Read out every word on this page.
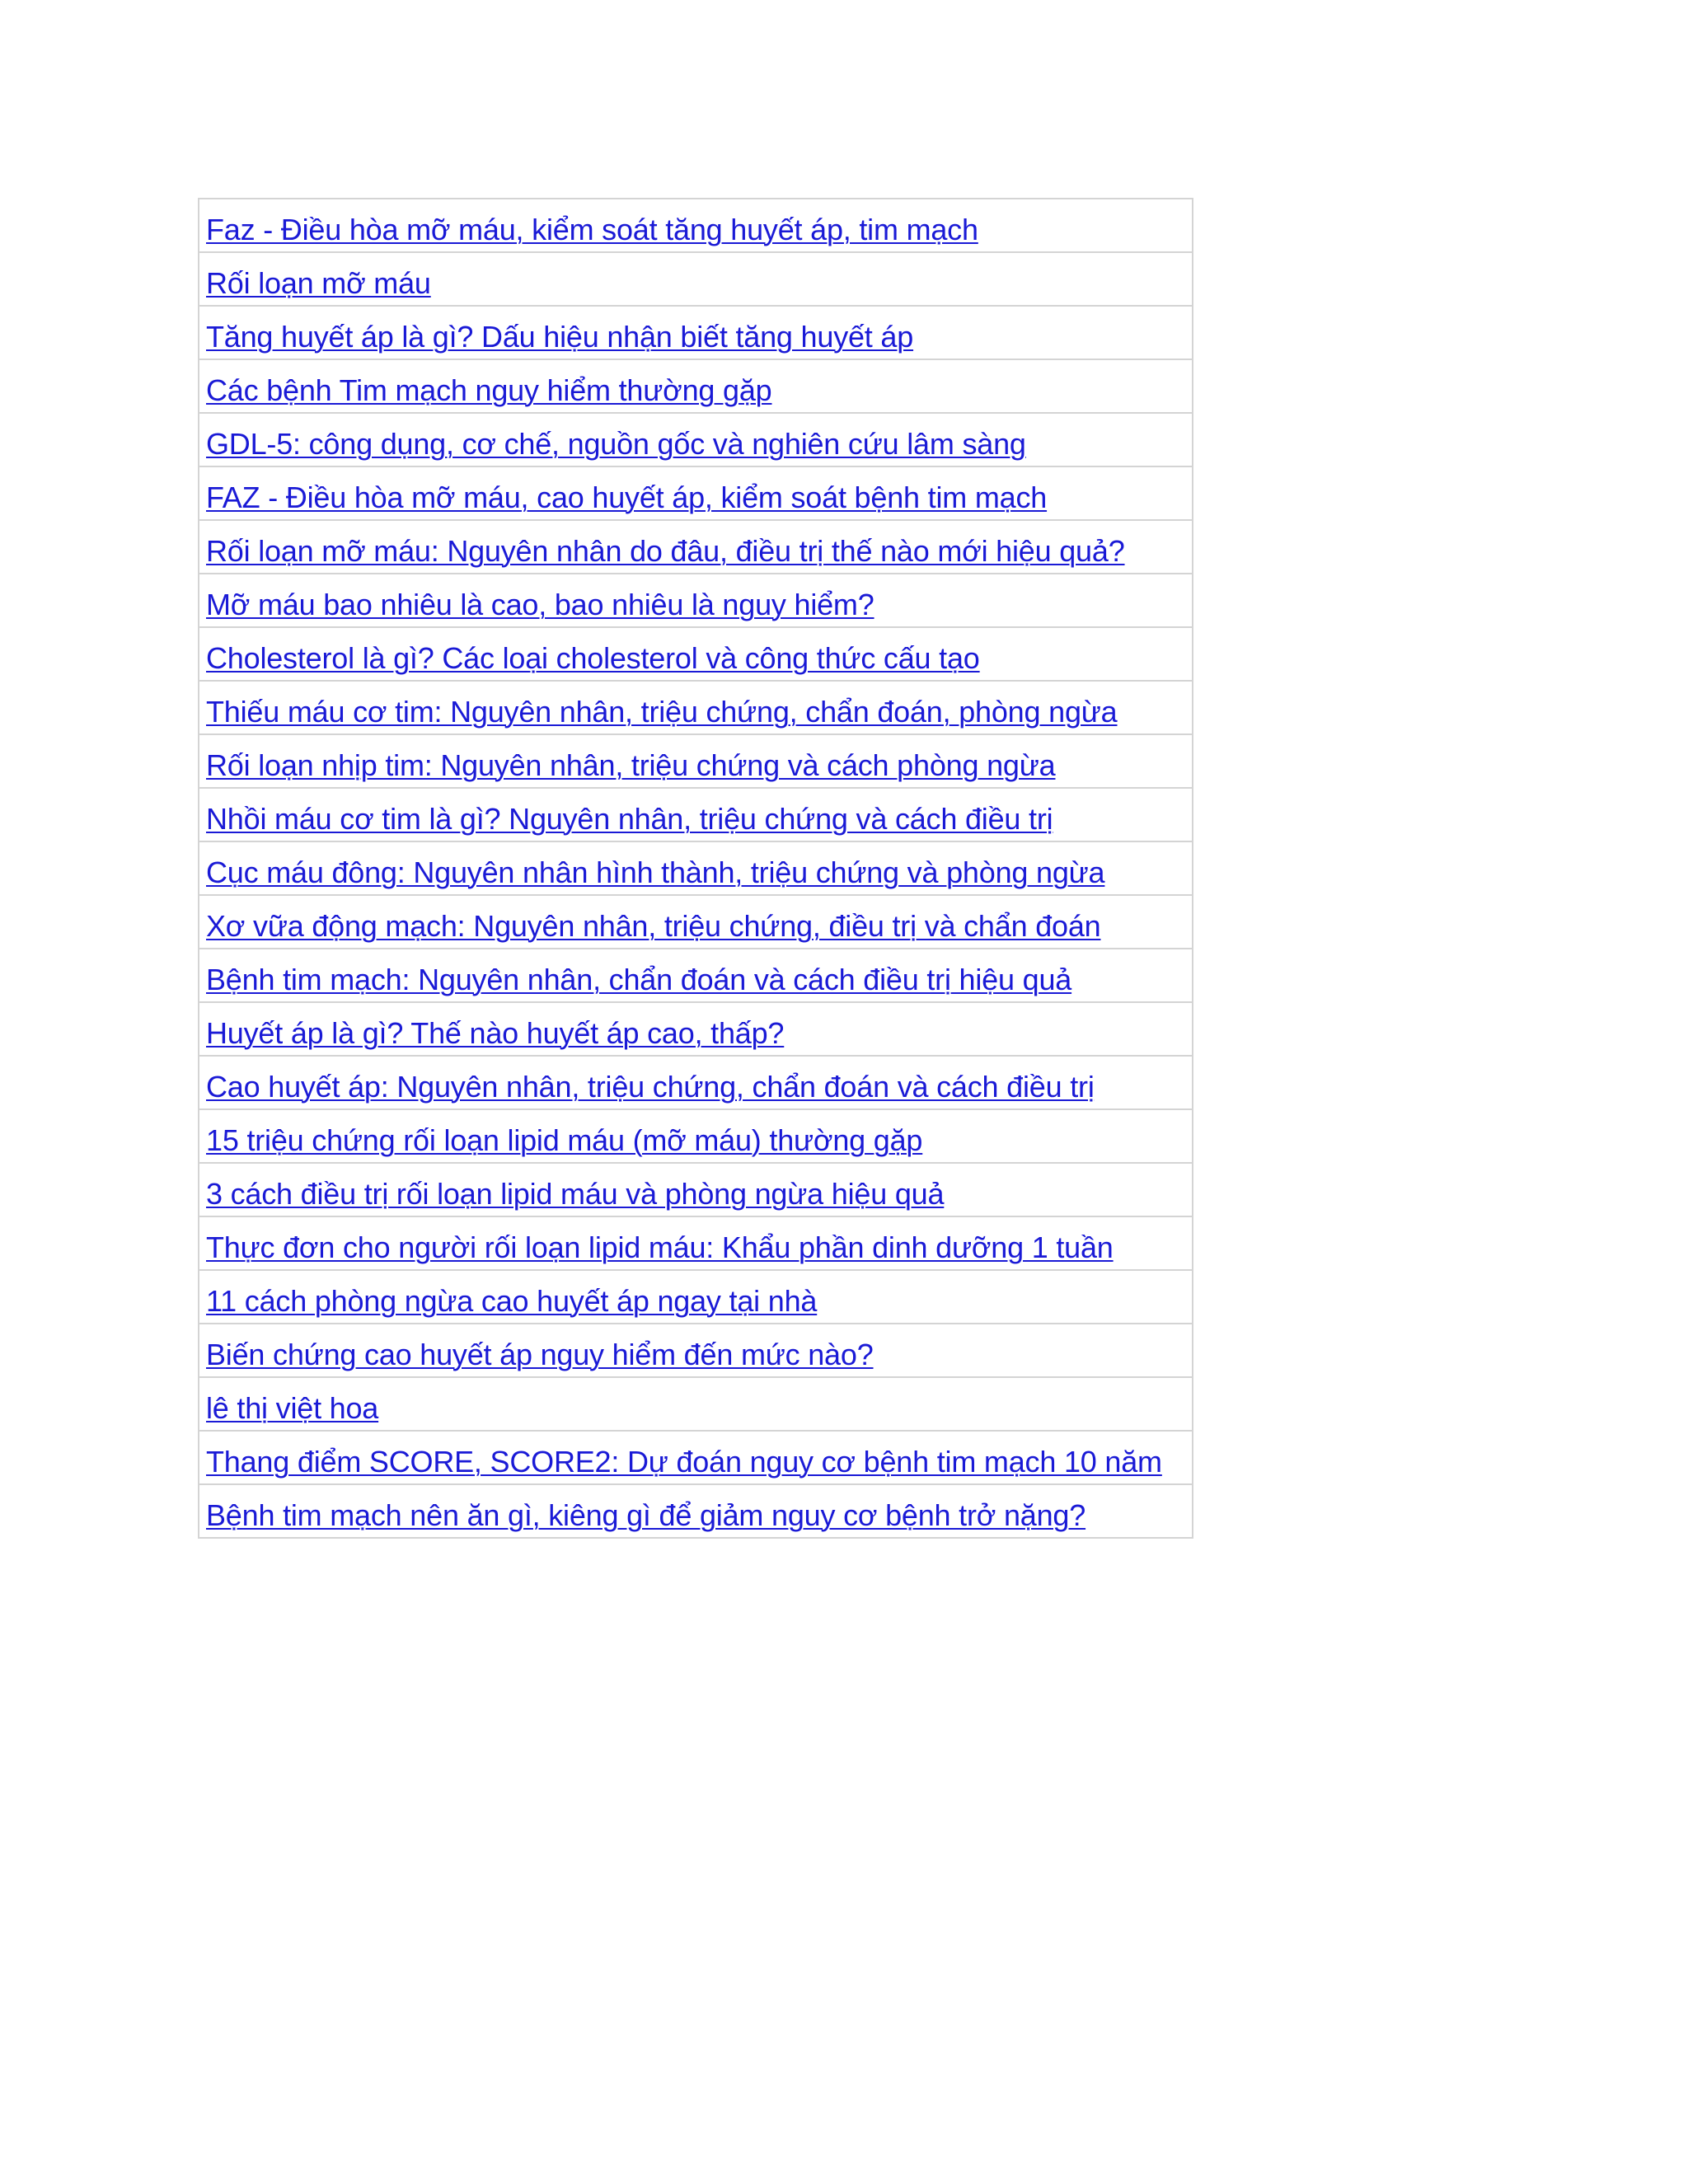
Faz - Điều hòa mỡ máu, kiểm soát tăng huyết áp, tim mạch
Rối loạn mỡ máu
Tăng huyết áp là gì? Dấu hiệu nhận biết tăng huyết áp
Các bệnh Tim mạch nguy hiểm thường gặp
GDL-5: công dụng, cơ chế, nguồn gốc và nghiên cứu lâm sàng
FAZ - Điều hòa mỡ máu, cao huyết áp, kiểm soát bệnh tim mạch
Rối loạn mỡ máu: Nguyên nhân do đâu, điều trị thế nào mới hiệu quả?
Mỡ máu bao nhiêu là cao, bao nhiêu là nguy hiểm?
Cholesterol là gì? Các loại cholesterol và công thức cấu tạo
Thiếu máu cơ tim: Nguyên nhân, triệu chứng, chẩn đoán, phòng ngừa
Rối loạn nhịp tim: Nguyên nhân, triệu chứng và cách phòng ngừa
Nhồi máu cơ tim là gì? Nguyên nhân, triệu chứng và cách điều trị
Cục máu đông: Nguyên nhân hình thành, triệu chứng và phòng ngừa
Xơ vữa động mạch: Nguyên nhân, triệu chứng, điều trị và chẩn đoán
Bệnh tim mạch: Nguyên nhân, chẩn đoán và cách điều trị hiệu quả
Huyết áp là gì? Thế nào huyết áp cao, thấp?
Cao huyết áp: Nguyên nhân, triệu chứng, chẩn đoán và cách điều trị
15 triệu chứng rối loạn lipid máu (mỡ máu) thường gặp
3 cách điều trị rối loạn lipid máu và phòng ngừa hiệu quả
Thực đơn cho người rối loạn lipid máu: Khẩu phần dinh dưỡng 1 tuần
11 cách phòng ngừa cao huyết áp ngay tại nhà
Biến chứng cao huyết áp nguy hiểm đến mức nào?
lê thị việt hoa
Thang điểm SCORE, SCORE2: Dự đoán nguy cơ bệnh tim mạch 10 năm
Bệnh tim mạch nên ăn gì, kiêng gì để giảm nguy cơ bệnh trở nặng?
